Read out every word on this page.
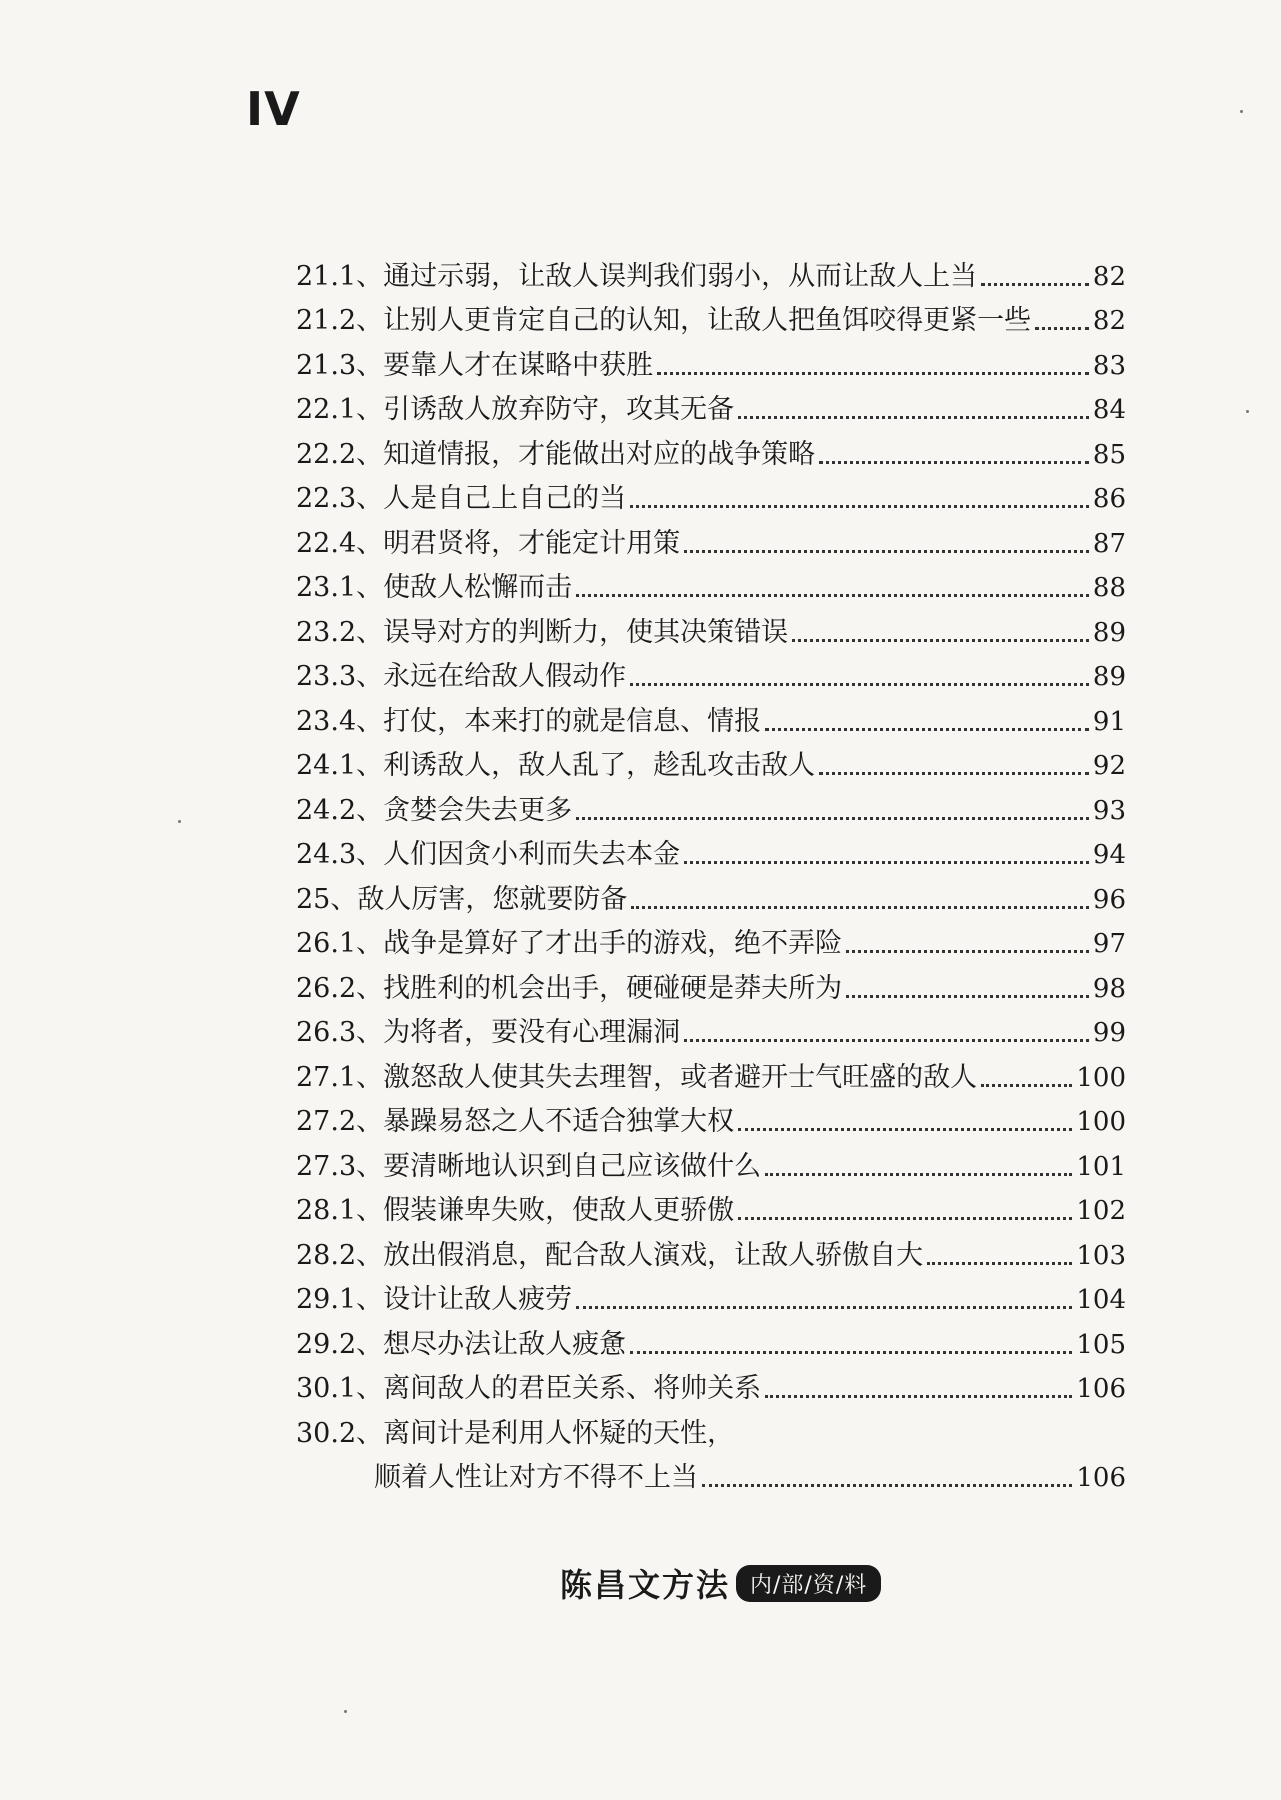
IV
21.1、 通过示弱，让敌人误判我们弱小，从而让敌人上当	82
21.2、 让别人更肯定自己的认知，让敌人把鱼饵咬得更紧一些 82
21.3、 要靠人才在谋略中获胜	83
22.1、 引诱敌人放弃防守，攻其无备	84
22.2、 知道情报，才能做出对应的战争策略	85
22.3、 人是自己上自己的当	86
22.4、 明君贤将，才能定计用策	87
23.1、 使敌人松懈而击	88
23.2、 误导对方的判断力，使其决策错误	89
23.3、 永远在给敌人假动作	89
23.4、 打仗，本来打的就是信息、情报	91
24.1、 利诱敌人，敌人乱了，趁乱攻击敌人	92
24.2、 贪婪会失去更多	93
24.3、 人们因贪小利而失去本金	94
25、 敌人厉害，您就要防备	96
26.1、 战争是算好了才出手的游戏，绝不弄险	97
26.2、 找胜利的机会出手，硬碰硬是莽夫所为	98
26.3、 为将者，要没有心理漏洞	99
27.1、 激怒敌人使其失去理智，或者避开士气旺盛的敌人	100
27.2、 暴躁易怒之人不适合独掌大权	100
27.3、 要清晰地认识到自己应该做什么	101
28.1、 假装谦卑失败，使敌人更骄傲	102
28.2、 放出假消息，配合敌人演戏，让敌人骄傲自大	103
29.1、 设计让敌人疲劳	104
29.2、 想尽办法让敌人疲惫	105
30.1、 离间敌人的君臣关系、将帅关系	106
30.2、 离间计是利用人怀疑的天性，
顺着人性让对方不得不上当	106
陈昌文方法 内/部/资/料
